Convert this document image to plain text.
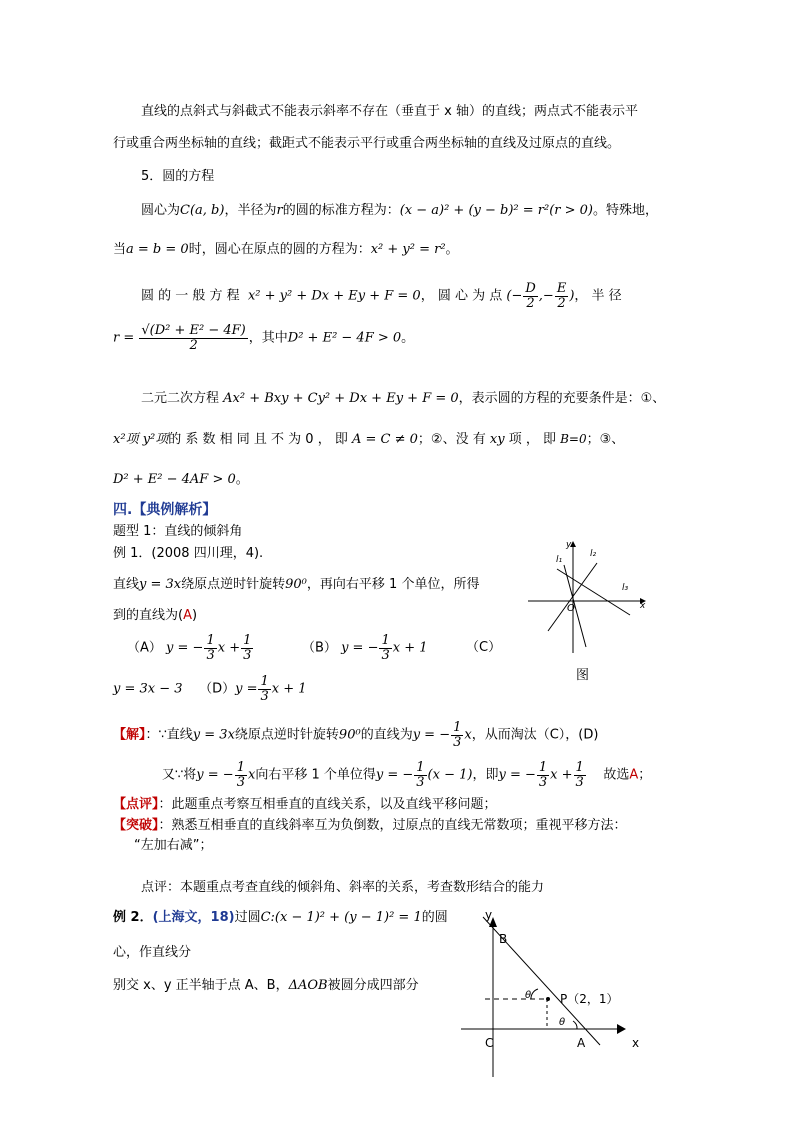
直线的点斜式与斜截式不能表示斜率不存在（垂直于 x 轴）的直线；两点式不能表示平
行或重合两坐标轴的直线；截距式不能表示平行或重合两坐标轴的直线及过原点的直线。
5．圆的方程
圆心为C(a, b)，半径为r的圆的标准方程为：(x − a)² + (y − b)² = r²(r > 0)。特殊地，
当a = b = 0时，圆心在原点的圆的方程为：x² + y² = r²。
圆 的 一 般 方 程 x² + y² + Dx + Ey + F = 0， 圆 心 为 点 (− $\frac{D}{2}$ ,− $\frac{E}{2}$ )， 半 径
$r = \frac{\text{√(D² + E² − 4F)}}{2}$ ，其中D² + E² − 4F > 0。
二元二次方程 Ax² + Bxy + Cy² + Dx + Ey + F = 0，表示圆的方程的充要条件是：①、
x²项 y²项的 系 数 相 同 且 不 为 0 ， 即 A = C ≠ 0；②、没 有 xy 项 ， 即 B=0；③、
D² + E² − 4AF > 0。
四.【典例解析】
题型 1：直线的倾斜角
例 1．(2008 四川理，4).
直线y = 3x绕原点逆时针旋转90⁰，再向右平移 1 个单位，所得
到的直线为(A)
（A） y = − $\frac{1}{3}$ $x + \frac{1}{3}$	（B） y = − $\frac{1}{3}$ x + 1	（C）
y = 3x − 3 $(D)y = \frac{1}{3}$ x + 1
y
x
O
l₁
l₂
l₃
图
【解】：∵直线y = 3x绕原点逆时针旋转90⁰的直线为y = − $\frac{1}{3}$ x，从而淘汰（C），(D)
又∵将y = − $\frac{1}{3}$ x向右平移 1 个单位得y = − $\frac{1}{3} (x - 1)$，即y = − $\frac{1}{3}$ $x + \frac{1}{3}$ 故选A；
【点评】：此题重点考察互相垂直的直线关系，以及直线平移问题；
【突破】：熟悉互相垂直的直线斜率互为负倒数，过原点的直线无常数项；重视平移方法：
“左加右减”；
点评：本题重点考查直线的倾斜角、斜率的关系，考查数形结合的能力
例 2．(上海文，18)过圆C:(x − 1)² + (y − 1)² = 1的圆
心，作直线分
别交 x、y 正半轴于点 A、B，ΔAOB被圆分成四部分
y
B
θ
θ
P（2，1）
C	A	x
